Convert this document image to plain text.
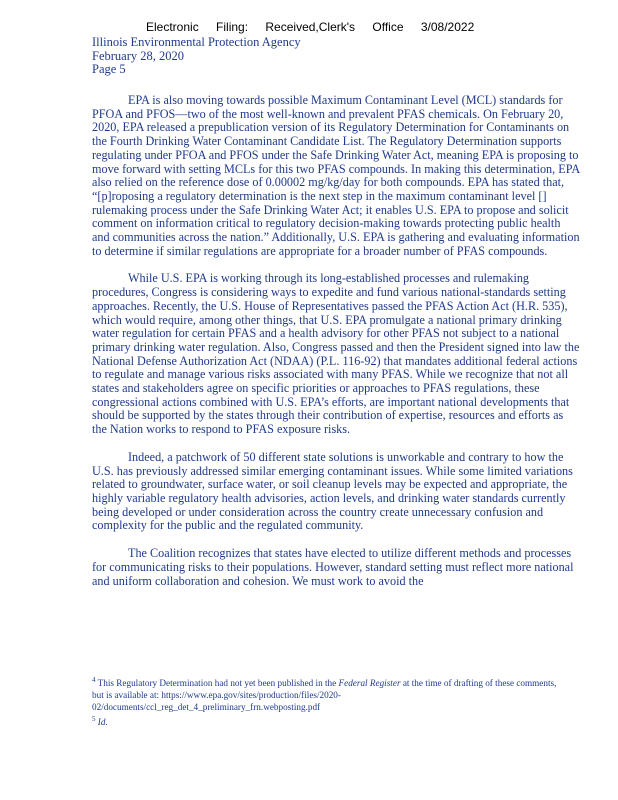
Electronic Filing: Received,Clerk's Office 3/08/2022
Illinois Environmental Protection Agency
February 28, 2020
Page 5

EPA is also moving towards possible Maximum Contaminant Level (MCL) standards for PFOA and PFOS—two of the most well-known and prevalent PFAS chemicals. On February 20, 2020, EPA released a prepublication version of its Regulatory Determination for Contaminants on the Fourth Drinking Water Contaminant Candidate List. The Regulatory Determination supports regulating under PFOA and PFOS under the Safe Drinking Water Act, meaning EPA is proposing to move forward with setting MCLs for this two PFAS compounds. In making this determination, EPA also relied on the reference dose of 0.00002 mg/kg/day for both compounds. EPA has stated that, “[p]roposing a regulatory determination is the next step in the maximum contaminant level [] rulemaking process under the Safe Drinking Water Act; it enables U.S. EPA to propose and solicit comment on information critical to regulatory decision-making towards protecting public health and communities across the nation.” Additionally, U.S. EPA is gathering and evaluating information to determine if similar regulations are appropriate for a broader number of PFAS compounds.

While U.S. EPA is working through its long-established processes and rulemaking procedures, Congress is considering ways to expedite and fund various national-standards setting approaches. Recently, the U.S. House of Representatives passed the PFAS Action Act (H.R. 535), which would require, among other things, that U.S. EPA promulgate a national primary drinking water regulation for certain PFAS and a health advisory for other PFAS not subject to a national primary drinking water regulation. Also, Congress passed and then the President signed into law the National Defense Authorization Act (NDAA) (P.L. 116-92) that mandates additional federal actions to regulate and manage various risks associated with many PFAS. While we recognize that not all states and stakeholders agree on specific priorities or approaches to PFAS regulations, these congressional actions combined with U.S. EPA’s efforts, are important national developments that should be supported by the states through their contribution of expertise, resources and efforts as the Nation works to respond to PFAS exposure risks.

Indeed, a patchwork of 50 different state solutions is unworkable and contrary to how the U.S. has previously addressed similar emerging contaminant issues. While some limited variations related to groundwater, surface water, or soil cleanup levels may be expected and appropriate, the highly variable regulatory health advisories, action levels, and drinking water standards currently being developed or under consideration across the country create unnecessary confusion and complexity for the public and the regulated community.

The Coalition recognizes that states have elected to utilize different methods and processes for communicating risks to their populations. However, standard setting must reflect more national and uniform collaboration and cohesion. We must work to avoid the

$^4$ This Regulatory Determination had not yet been published in the Federal Register at the time of drafting of these comments, but is available at: https://www.epa.gov/sites/production/files/2020-02/documents/ccl_reg_det_4_preliminary_frn.webposting.pdf
$^5$ Id.
